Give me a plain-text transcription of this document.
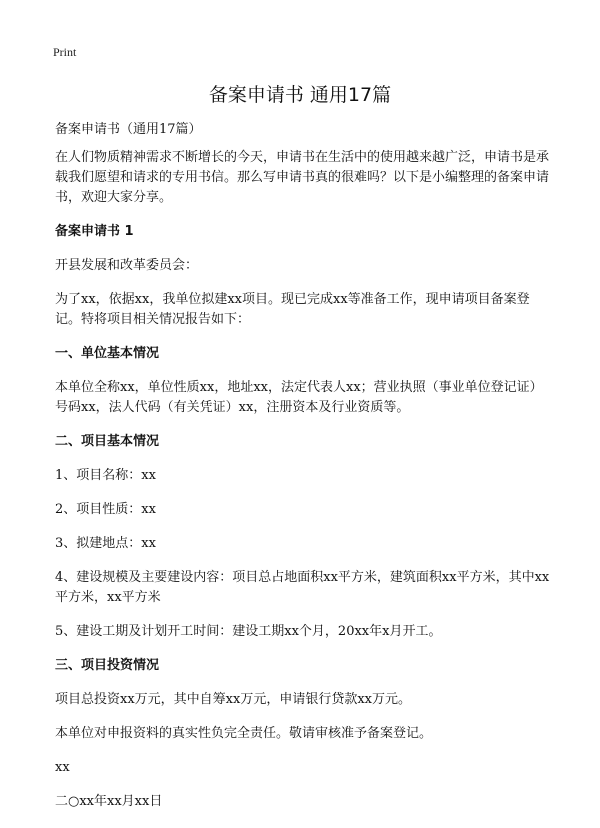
Print
备案申请书 通用17篇

备案申请书（通用17篇）

在人们物质精神需求不断增长的今天，申请书在生活中的使用越来越广泛，申请书是承载我们愿望和请求的专用书信。那么写申请书真的很难吗？以下是小编整理的备案申请书，欢迎大家分享。

备案申请书 1

开县发展和改革委员会：

为了xx，依据xx，我单位拟建xx项目。现已完成xx等准备工作，现申请项目备案登记。特将项目相关情况报告如下：

一、单位基本情况

本单位全称xx，单位性质xx，地址xx，法定代表人xx；营业执照（事业单位登记证）号码xx，法人代码（有关凭证）xx，注册资本及行业资质等。

二、项目基本情况

1、项目名称：xx

2、项目性质：xx

3、拟建地点：xx

4、建设规模及主要建设内容：项目总占地面积xx平方米，建筑面积xx平方米，其中xx平方米，xx平方米

5、建设工期及计划开工时间：建设工期xx个月，20xx年x月开工。

三、项目投资情况

项目总投资xx万元，其中自筹xx万元，申请银行贷款xx万元。

本单位对申报资料的真实性负完全责任。敬请审核准予备案登记。

xx

二○xx年xx月xx日
